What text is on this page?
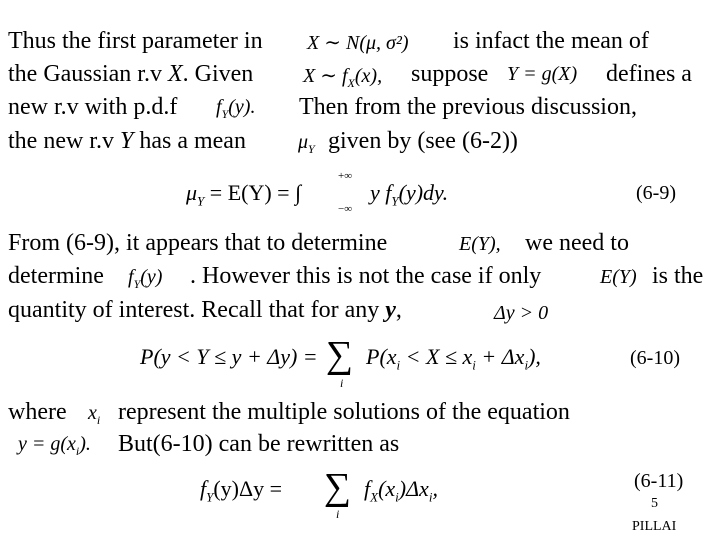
Thus the first parameter in X ∼ N(μ, σ²) is infact the mean of
the Gaussian r.v X. Given X ∼ $f_X(x)$, suppose Y = g(X) defines a
new r.v with p.d.f $f_Y(y)$. Then from the previous discussion,
the new r.v Y has a mean	$\mu_Y$ given by (see (6-2))
$\mu_Y = E(Y)$ = ∫
+∞
−∞
y $f_Y(y)dy$.	(6-9)
From (6-9), it appears that to determine	E(Y), we need to
determine $f_Y(y)$ . However this is not the case if only	E(Y) is the
quantity of interest. Recall that for any y,	Δy > 0
P(y < Y ≤ y + Δy) = ∑
i
$P(x_i < X \le x_i + \Delta x_i)$,	(6-10)
where $x_i$ represent the multiple solutions of the equation
$y = g(x_i)$. But(6-10) can be rewritten as
$f_Y(y)\Delta y$ = ∑
i
$f_X(x_i)\Delta x_i$,	(6-11)
5
PILLAI
